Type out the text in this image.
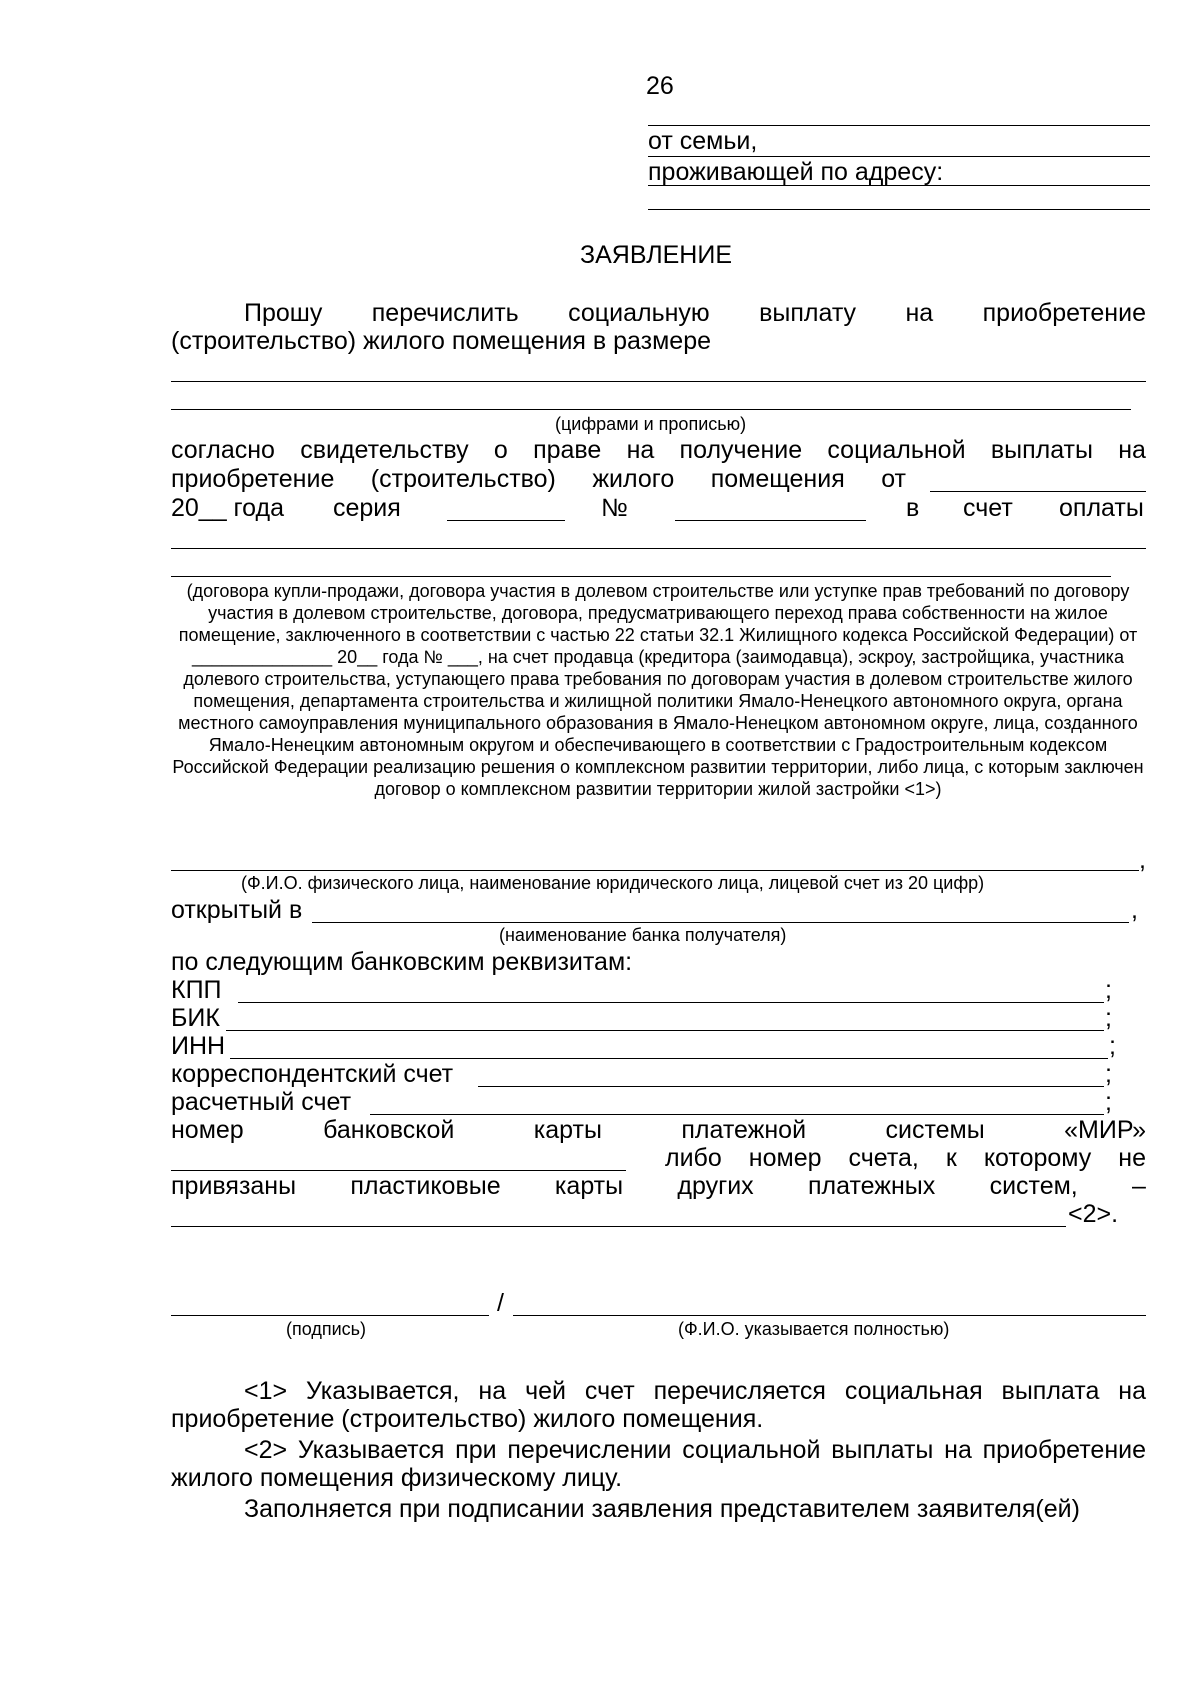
26
от семьи,
проживающей по адресу:
ЗАЯВЛЕНИЕ
Прошу перечислить социальную выплату на приобретение
(строительство) жилого помещения в размере
(цифрами и прописью)
согласно свидетельству о праве на получение социальной выплаты на
приобретение (строительство) жилого помещения от
20__ года серия	№	в счет оплаты
(договора купли-продажи, договора участия в долевом строительстве или уступке прав требований по договору участия в долевом строительстве, договора, предусматривающего переход права собственности на жилое помещение, заключенного в соответствии с частью 22 статьи 32.1 Жилищного кодекса Российской Федерации) от ______________ 20__ года № ___, на счет продавца (кредитора (заимодавца), эскроу, застройщика, участника долевого строительства, уступающего права требования по договорам участия в долевом строительстве жилого помещения, департамента строительства и жилищной политики Ямало-Ненецкого автономного округа, органа местного самоуправления муниципального образования в Ямало-Ненецком автономном округе, лица, созданного Ямало-Ненецким автономным округом и обеспечивающего в соответствии с Градостроительным кодексом Российской Федерации реализацию решения о комплексном развитии территории, либо лица, с которым заключен договор о комплексном развитии территории жилой застройки <1>)
,
(Ф.И.О. физического лица, наименование юридического лица, лицевой счет из 20 цифр)
открытый в	,
(наименование банка получателя)
по следующим банковским реквизитам:
КПП	;
БИК	;
ИНН	;
корреспондентский счет	;
расчетный счет	;
номер	банковской	карты	платежной	системы	«МИР»
либо номер счета, к которому не
привязаны пластиковые карты других платежных систем, –
<2>.
/
(подпись)	(Ф.И.О. указывается полностью)
<1> Указывается, на чей счет перечисляется социальная выплата на приобретение (строительство) жилого помещения.
<2> Указывается при перечислении социальной выплаты на приобретение жилого помещения физическому лицу.
Заполняется при подписании заявления представителем заявителя(ей)
